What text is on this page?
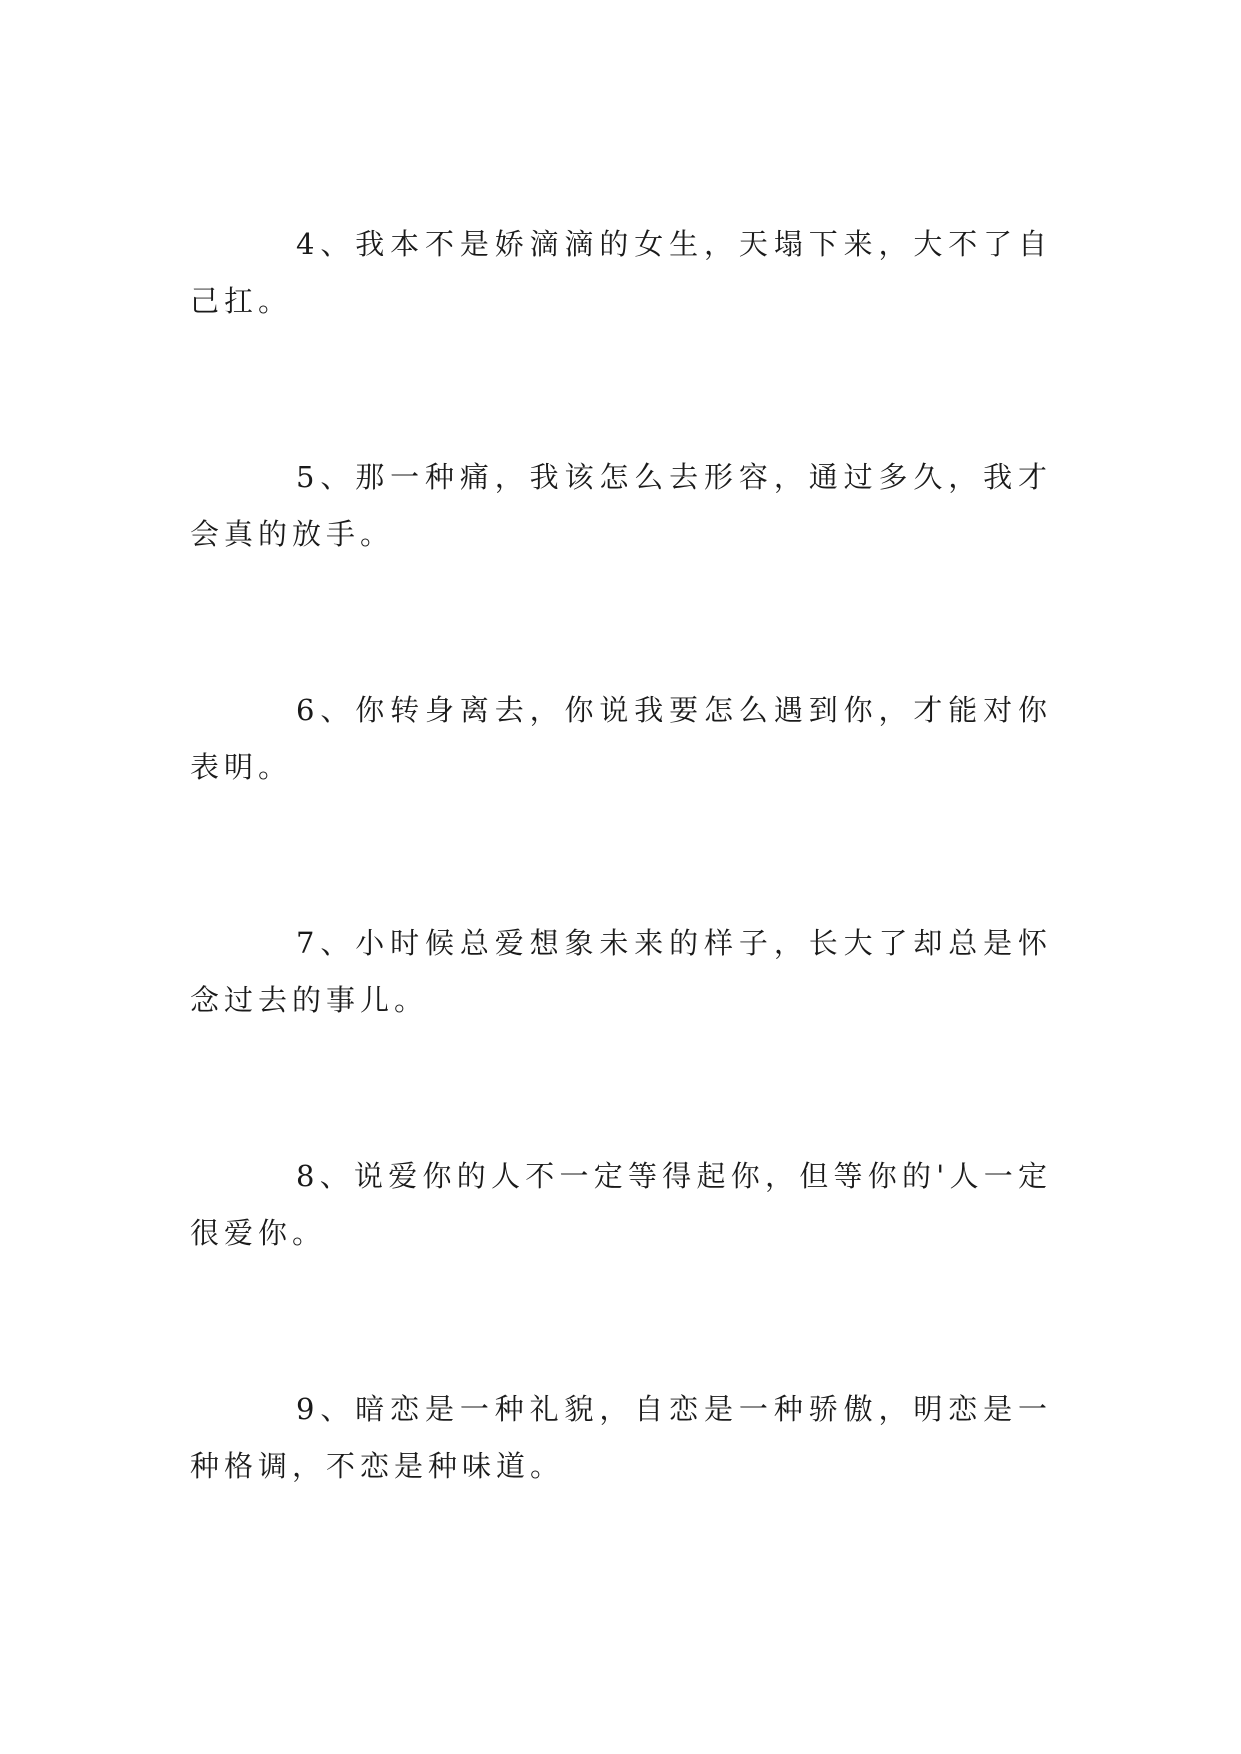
4、我本不是娇滴滴的女生，天塌下来，大不了自己扛。

5、那一种痛，我该怎么去形容，通过多久，我才会真的放手。

6、你转身离去，你说我要怎么遇到你，才能对你表明。

7、小时候总爱想象未来的样子，长大了却总是怀念过去的事儿。

8、说爱你的人不一定等得起你，但等你的'人一定很爱你。

9、暗恋是一种礼貌，自恋是一种骄傲，明恋是一种格调，不恋是种味道。
